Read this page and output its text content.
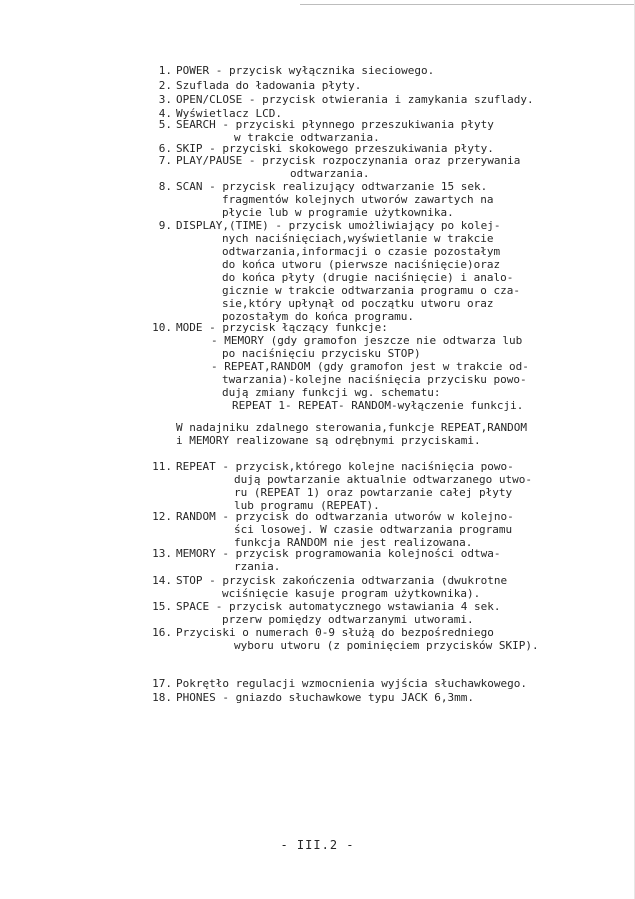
1. POWER - przycisk wyłącznika sieciowego.
2. Szuflada do ładowania płyty.
3. OPEN/CLOSE - przycisk otwierania i zamykania szuflady.
4. Wyświetlacz LCD.
5. SEARCH - przyciski płynnego przeszukiwania płyty
w trakcie odtwarzania.
6. SKIP - przyciski skokowego przeszukiwania płyty.
7. PLAY/PAUSE - przycisk rozpoczynania oraz przerywania
odtwarzania.
8. SCAN - przycisk realizujący odtwarzanie 15 sek.
fragmentów kolejnych utworów zawartych na
płycie lub w programie użytkownika.
9. DISPLAY,(TIME) - przycisk umożliwiający po kolej-
nych naciśnięciach,wyświetlanie w trakcie
odtwarzania,informacji o czasie pozostałym
do końca utworu (pierwsze naciśnięcie)oraz
do końca płyty (drugie naciśnięcie) i analo-
gicznie w trakcie odtwarzania programu o cza-
sie,który upłynął od początku utworu oraz
pozostałym do końca programu.
10. MODE - przycisk łączący funkcje:
- MEMORY (gdy gramofon jeszcze nie odtwarza lub
po naciśnięciu przycisku STOP)
- REPEAT,RANDOM (gdy gramofon jest w trakcie od-
twarzania)-kolejne naciśnięcia przycisku powo-
dują zmiany funkcji wg. schematu:
REPEAT 1- REPEAT- RANDOM-wyłączenie funkcji.
W nadajniku zdalnego sterowania,funkcje REPEAT,RANDOM
i MEMORY realizowane są odrębnymi przyciskami.
11. REPEAT - przycisk,którego kolejne naciśnięcia powo-
dują powtarzanie aktualnie odtwarzanego utwo-
ru (REPEAT 1) oraz powtarzanie całej płyty
lub programu (REPEAT).
12. RANDOM - przycisk do odtwarzania utworów w kolejno-
ści losowej. W czasie odtwarzania programu
funkcja RANDOM nie jest realizowana.
13. MEMORY - przycisk programowania kolejności odtwa-
rzania.
14. STOP - przycisk zakończenia odtwarzania (dwukrotne
wciśnięcie kasuje program użytkownika).
15. SPACE - przycisk automatycznego wstawiania 4 sek.
przerw pomiędzy odtwarzanymi utworami.
16. Przyciski o numerach 0-9 służą do bezpośredniego
wyboru utworu (z pominięciem przycisków SKIP).
17. Pokrętło regulacji wzmocnienia wyjścia słuchawkowego.
18. PHONES - gniazdo słuchawkowe typu JACK 6,3mm.
- III.2 -
